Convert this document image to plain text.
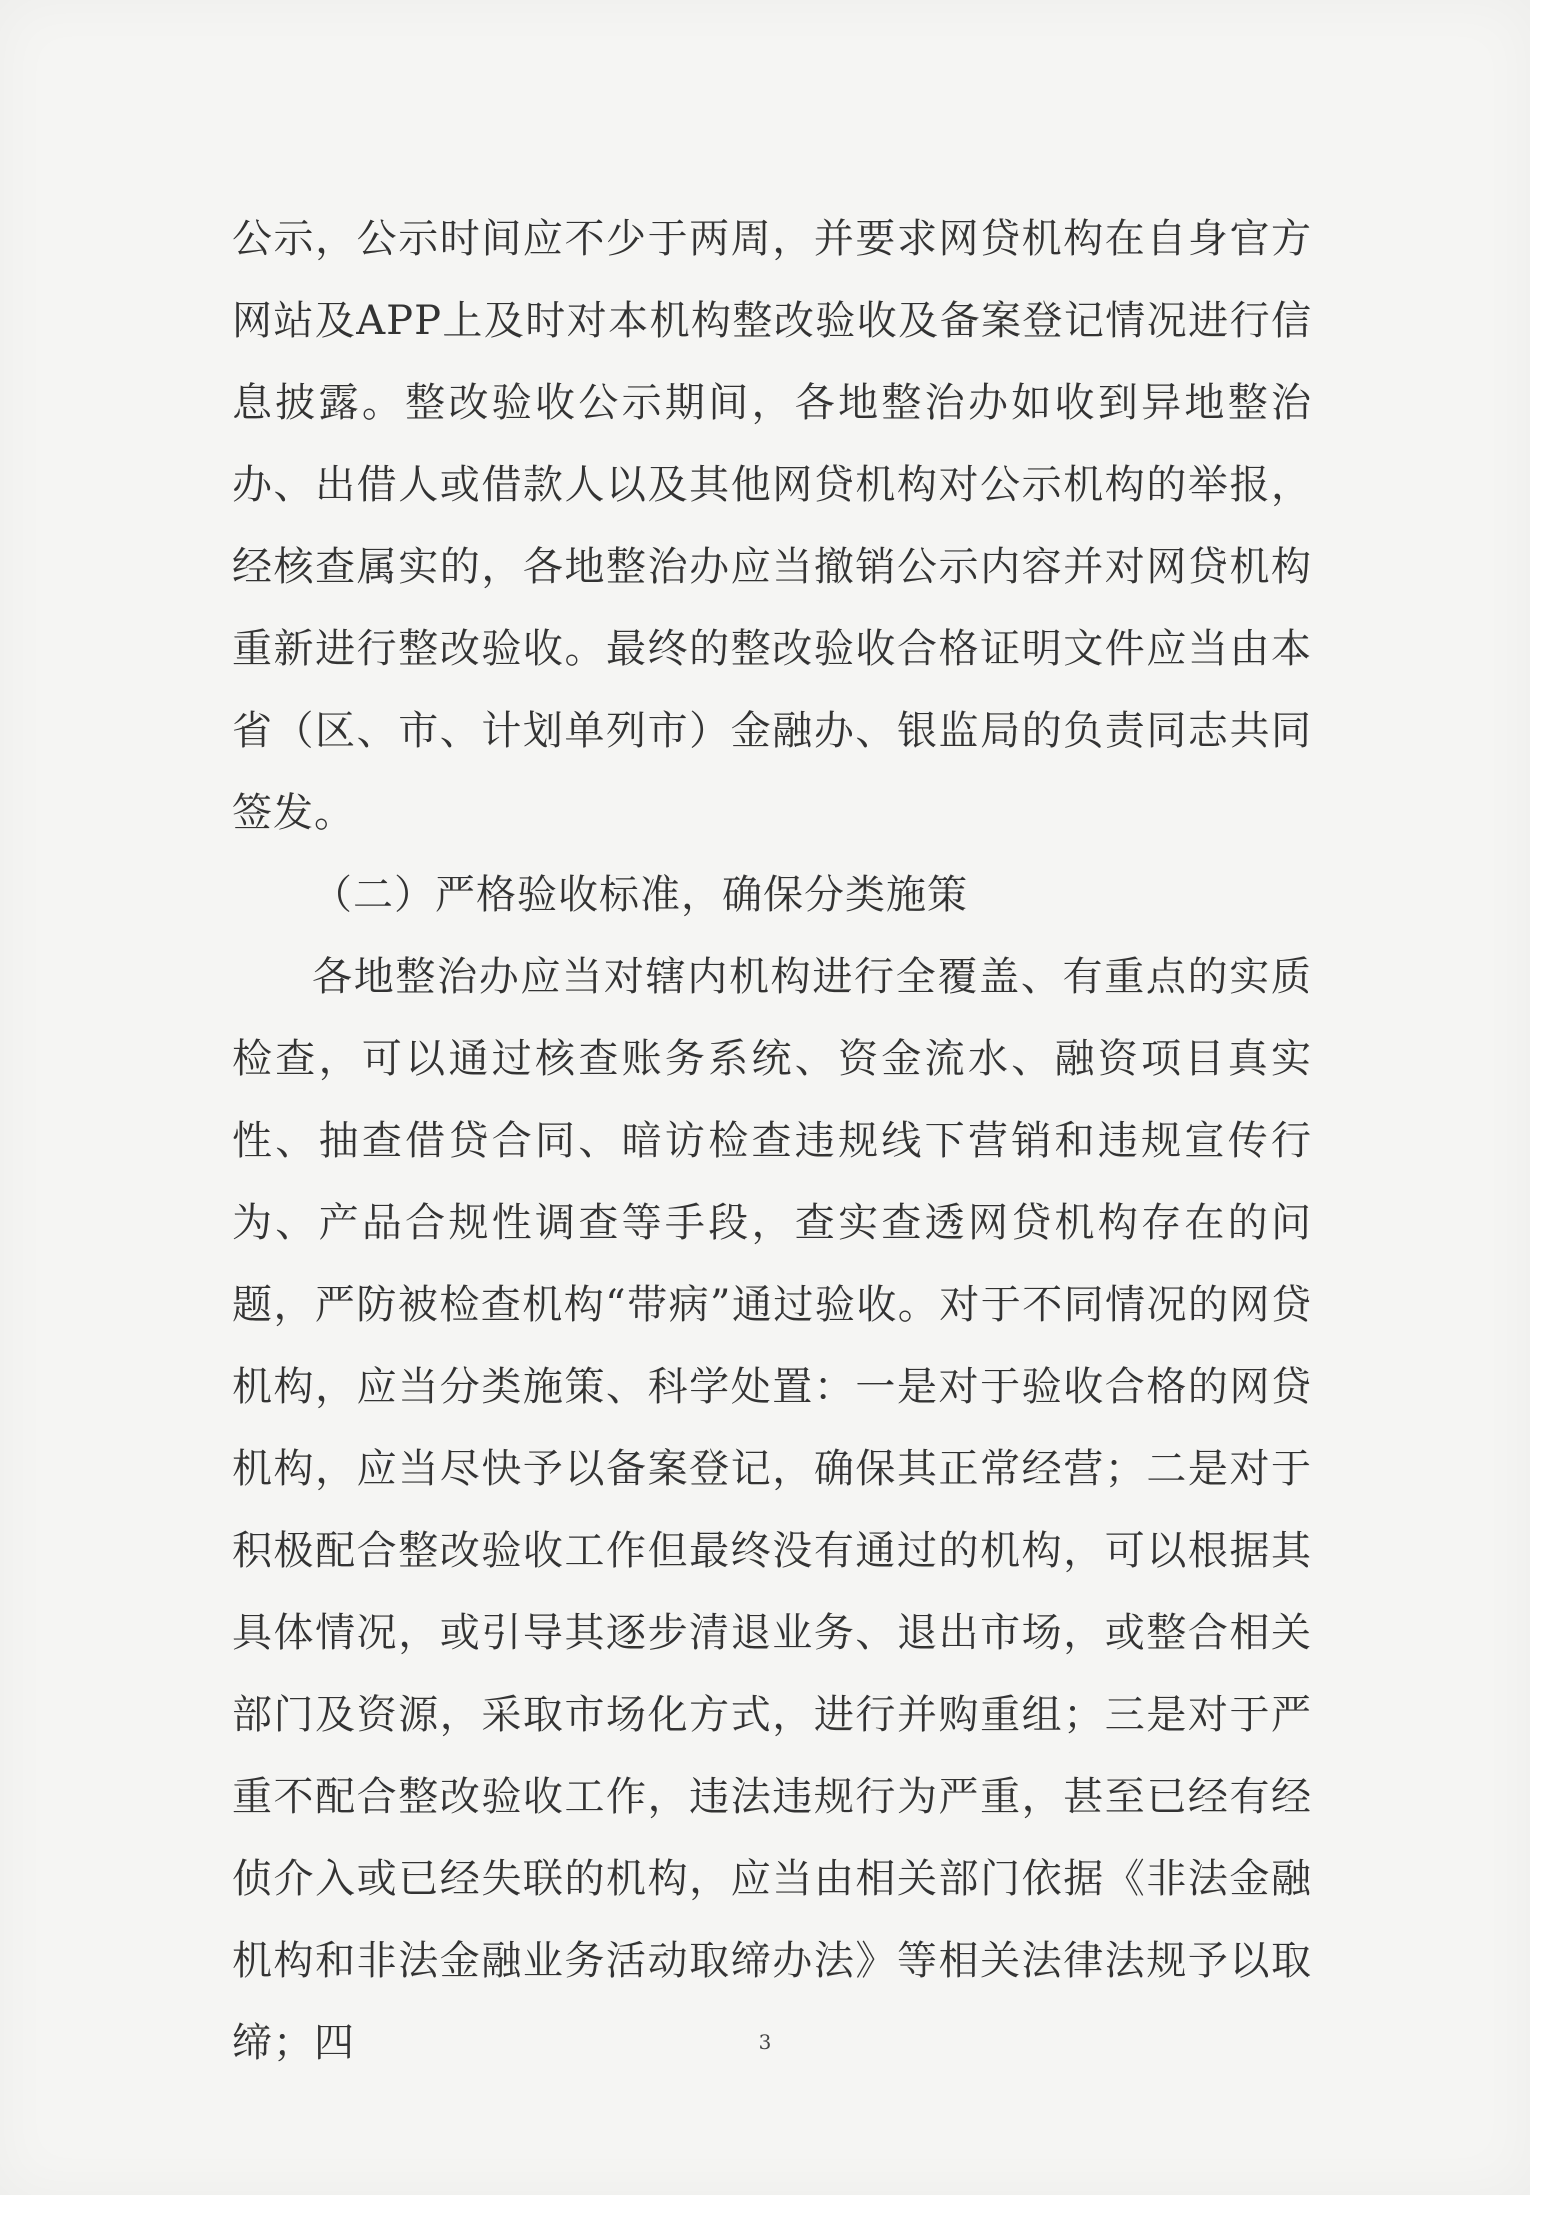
公示，公示时间应不少于两周，并要求网贷机构在自身官方网站及APP上及时对本机构整改验收及备案登记情况进行信息披露。整改验收公示期间，各地整治办如收到异地整治办、出借人或借款人以及其他网贷机构对公示机构的举报，经核查属实的，各地整治办应当撤销公示内容并对网贷机构重新进行整改验收。最终的整改验收合格证明文件应当由本省（区、市、计划单列市）金融办、银监局的负责同志共同签发。

（二）严格验收标准，确保分类施策

各地整治办应当对辖内机构进行全覆盖、有重点的实质检查，可以通过核查账务系统、资金流水、融资项目真实性、抽查借贷合同、暗访检查违规线下营销和违规宣传行为、产品合规性调查等手段，查实查透网贷机构存在的问题，严防被检查机构“带病”通过验收。对于不同情况的网贷机构，应当分类施策、科学处置：一是对于验收合格的网贷机构，应当尽快予以备案登记，确保其正常经营；二是对于积极配合整改验收工作但最终没有通过的机构，可以根据其具体情况，或引导其逐步清退业务、退出市场，或整合相关部门及资源，采取市场化方式，进行并购重组；三是对于严重不配合整改验收工作，违法违规行为严重，甚至已经有经侦介入或已经失联的机构，应当由相关部门依据《非法金融机构和非法金融业务活动取缔办法》等相关法律法规予以取缔；四	3
